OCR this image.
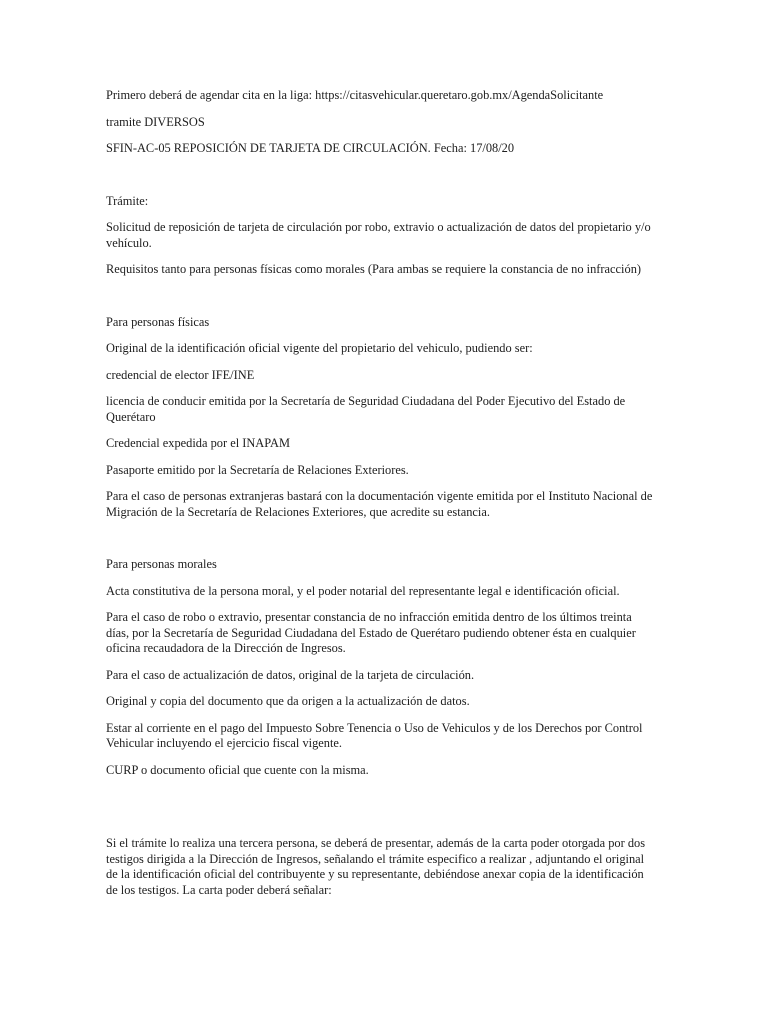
Primero deberá de agendar cita en la liga: https://citasvehicular.queretaro.gob.mx/AgendaSolicitante
tramite DIVERSOS
SFIN-AC-05 REPOSICIÓN DE TARJETA DE CIRCULACIÓN. Fecha: 17/08/20
Trámite:
Solicitud de reposición de tarjeta de circulación por robo, extravio o actualización de datos del propietario y/o
vehículo.
Requisitos tanto para personas físicas como morales (Para ambas se requiere la constancia de no infracción)
Para personas físicas
Original de la identificación oficial vigente del propietario del vehiculo, pudiendo ser:
credencial de elector IFE/INE
licencia de conducir emitida por la Secretaría de Seguridad Ciudadana del Poder Ejecutivo del Estado de
Querétaro
Credencial expedida por el INAPAM
Pasaporte emitido por la Secretaría de Relaciones Exteriores.
Para el caso de personas extranjeras bastará con la documentación vigente emitida por el Instituto Nacional de
Migración de la Secretaría de Relaciones Exteriores, que acredite su estancia.
Para personas morales
Acta constitutiva de la persona moral, y el poder notarial del representante legal e identificación oficial.
Para el caso de robo o extravio, presentar constancia de no infracción emitida dentro de los últimos treinta
días, por la Secretaría de Seguridad Ciudadana del Estado de Querétaro pudiendo obtener ésta en cualquier
oficina recaudadora de la Dirección de Ingresos.
Para el caso de actualización de datos, original de la tarjeta de circulación.
Original y copia del documento que da origen a la actualización de datos.
Estar al corriente en el pago del Impuesto Sobre Tenencia o Uso de Vehiculos y de los Derechos por Control
Vehicular incluyendo el ejercicio fiscal vigente.
CURP o documento oficial que cuente con la misma.
Si el trámite lo realiza una tercera persona, se deberá de presentar, además de la carta poder otorgada por dos
testigos dirigida a la Dirección de Ingresos, señalando el trámite especifico a realizar , adjuntando el original
de la identificación oficial del contribuyente y su representante, debiéndose anexar copia de la identificación
de los testigos. La carta poder deberá señalar:
